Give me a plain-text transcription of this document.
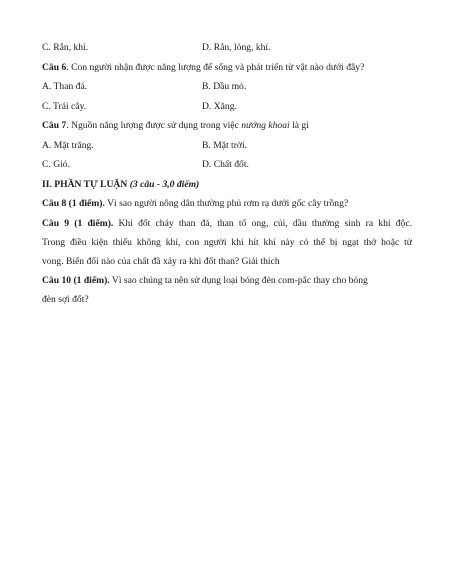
C. Rắn, khí.	D. Rắn, lỏng, khí.
Câu 6. Con người nhận được năng lượng để sống và phát triển từ vật nào dưới đây?
A. Than đá.	B. Dầu mỏ.
C. Trái cây.	D. Xăng.
Câu 7. Nguồn năng lượng được sử dụng trong việc nướng khoai là gì
A. Mặt trăng.	B. Mặt trời.
C. Gió.	D. Chất đốt.
II. PHẦN TỰ LUẬN (3 câu - 3,0 điểm)
Câu 8 (1 điểm). Vì sao người nông dân thường phủ rơm rạ dưới gốc cây trồng?
Câu 9 (1 điểm). Khi đốt cháy than đá, than tổ ong, củi, dầu thường sinh ra khí độc.
Trong điều kiện thiếu không khí, con người khi hít khí này có thể bị ngạt thở hoặc tử
vong. Biến đổi nào của chất đã xảy ra khi đốt than? Giải thích
Câu 10 (1 điểm). Vì sao chúng ta nên sử dụng loại bóng đèn com-pắc thay cho bóng
đèn sợi đốt?
